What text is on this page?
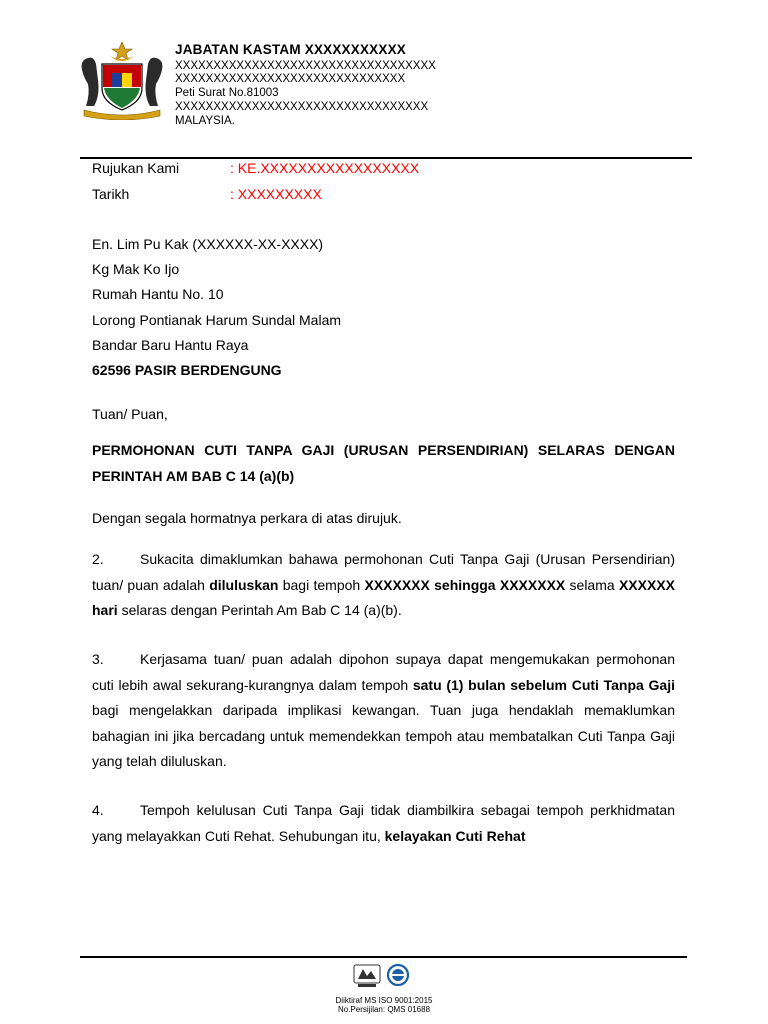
JABATAN KASTAM XXXXXXXXXXX
XXXXXXXXXXXXXXXXXXXXXXXXXXXXXXXXXX
XXXXXXXXXXXXXXXXXXXXXXXXXXXXXX
Peti Surat No.81003
XXXXXXXXXXXXXXXXXXXXXXXXXXXXXXXXX
MALAYSIA.
Rujukan Kami	: KE.XXXXXXXXXXXXXXXXX
Tarikh	: XXXXXXXXX
En. Lim Pu Kak (XXXXXX-XX-XXXX)
Kg Mak Ko Ijo
Rumah Hantu No. 10
Lorong Pontianak Harum Sundal Malam
Bandar Baru Hantu Raya
62596 PASIR BERDENGUNG
Tuan/ Puan,
PERMOHONAN CUTI TANPA GAJI (URUSAN PERSENDIRIAN) SELARAS DENGAN PERINTAH AM BAB C 14 (a)(b)
Dengan segala hormatnya perkara di atas dirujuk.
2.	Sukacita dimaklumkan bahawa permohonan Cuti Tanpa Gaji (Urusan Persendirian) tuan/ puan adalah diluluskan bagi tempoh XXXXXXX sehingga XXXXXXX selama XXXXXX hari selaras dengan Perintah Am Bab C 14 (a)(b).
3.	Kerjasama tuan/ puan adalah dipohon supaya dapat mengemukakan permohonan cuti lebih awal sekurang-kurangnya dalam tempoh satu (1) bulan sebelum Cuti Tanpa Gaji bagi mengelakkan daripada implikasi kewangan. Tuan juga hendaklah memaklumkan bahagian ini jika bercadang untuk memendekkan tempoh atau membatalkan Cuti Tanpa Gaji yang telah diluluskan.
4.	Tempoh kelulusan Cuti Tanpa Gaji tidak diambilkira sebagai tempoh perkhidmatan yang melayakkan Cuti Rehat. Sehubungan itu, kelayakan Cuti Rehat
Diiktiraf MS ISO 9001:2015
No.Persijilan: QMS 01688
